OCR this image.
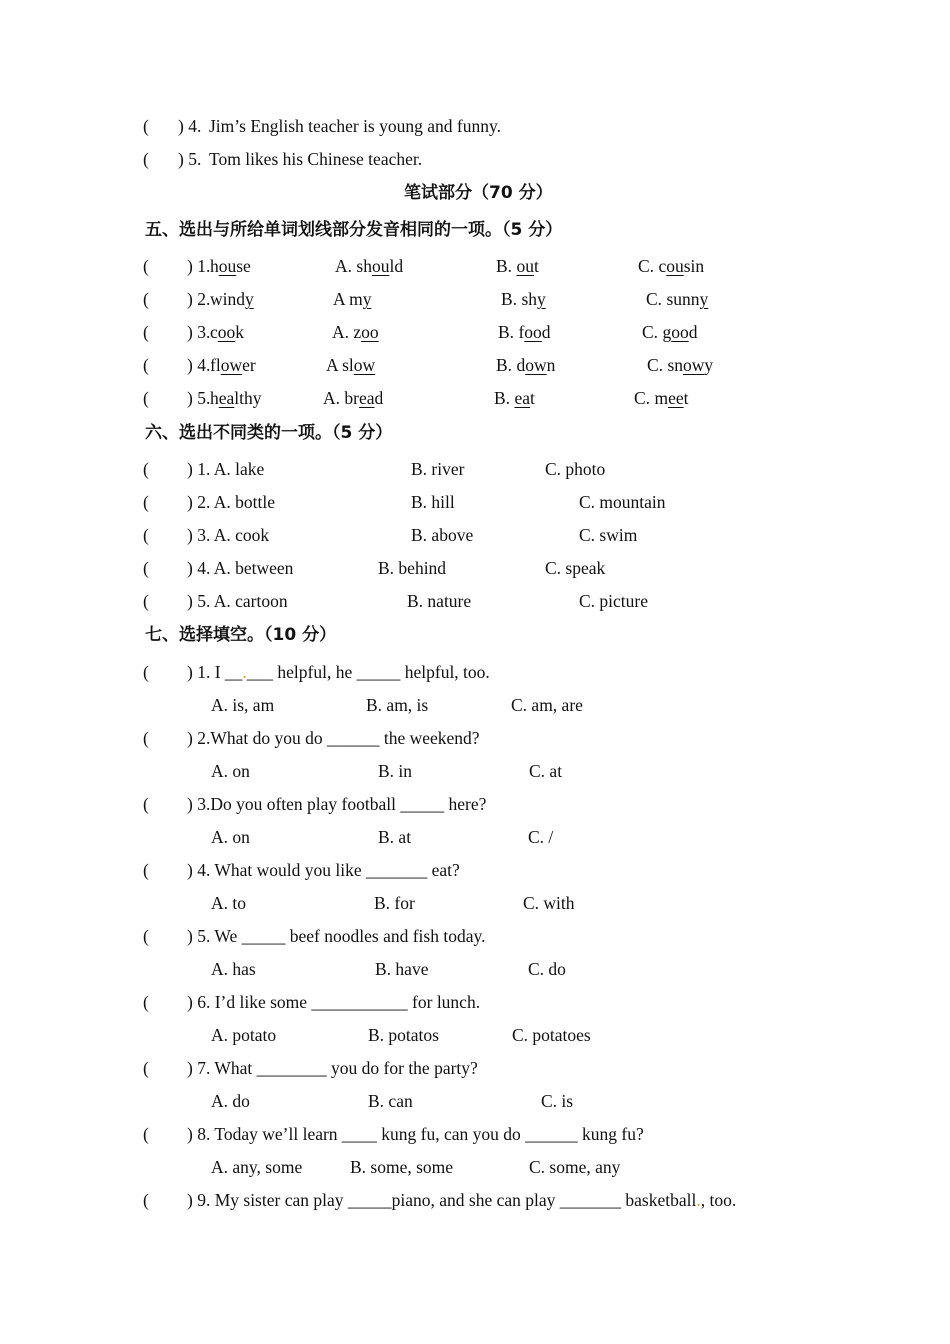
( ) 4. Jim’s English teacher is young and funny.
( ) 5. Tom likes his Chinese teacher.
笔试部分（70 分）
五、选出与所给单词划线部分发音相同的一项。（5 分）
( ) 1. house	A. should	B. out	C. cousin
( ) 2. windy	A my	B. shy	C. sunny
( ) 3. cook	A. zoo	B. food	C. good
( ) 4. flower	A slow	B. down	C. snowy
( ) 5. healthy	A. bread	B. eat	C. meet
六、选出不同类的一项。（5 分）
( ) 1. A. lake	B. river	C. photo
( ) 2. A. bottle	B. hill	C. mountain
( ) 3. A. cook	B. above	C. swim
( ) 4. A. between	B. behind	C. speak
( ) 5. A. cartoon	B. nature	C. picture
七、选择填空。（10 分）
( ) 1. I __.___ helpful, he _____ helpful, too.
A. is, am	B. am, is	C. am, are
( ) 2.What do you do ______ the weekend?
A. on	B. in	C. at
( ) 3.Do you often play football _____ here?
A. on	B. at	C. /
( ) 4. What would you like _______ eat?
A. to	B. for	C. with
( ) 5. We _____ beef noodles and fish today.
A. has	B. have	C. do
( ) 6. I’d like some ___________ for lunch.
A. potato	B. potatos	C. potatoes
( ) 7. What ________ you do for the party?
A. do	B. can	C. is
( ) 8. Today we’ll learn ____ kung fu, can you do ______ kung fu?
A. any, some	B. some, some	C. some, any
( ) 9. My sister can play _____piano, and she can play _______ basketball., too.
